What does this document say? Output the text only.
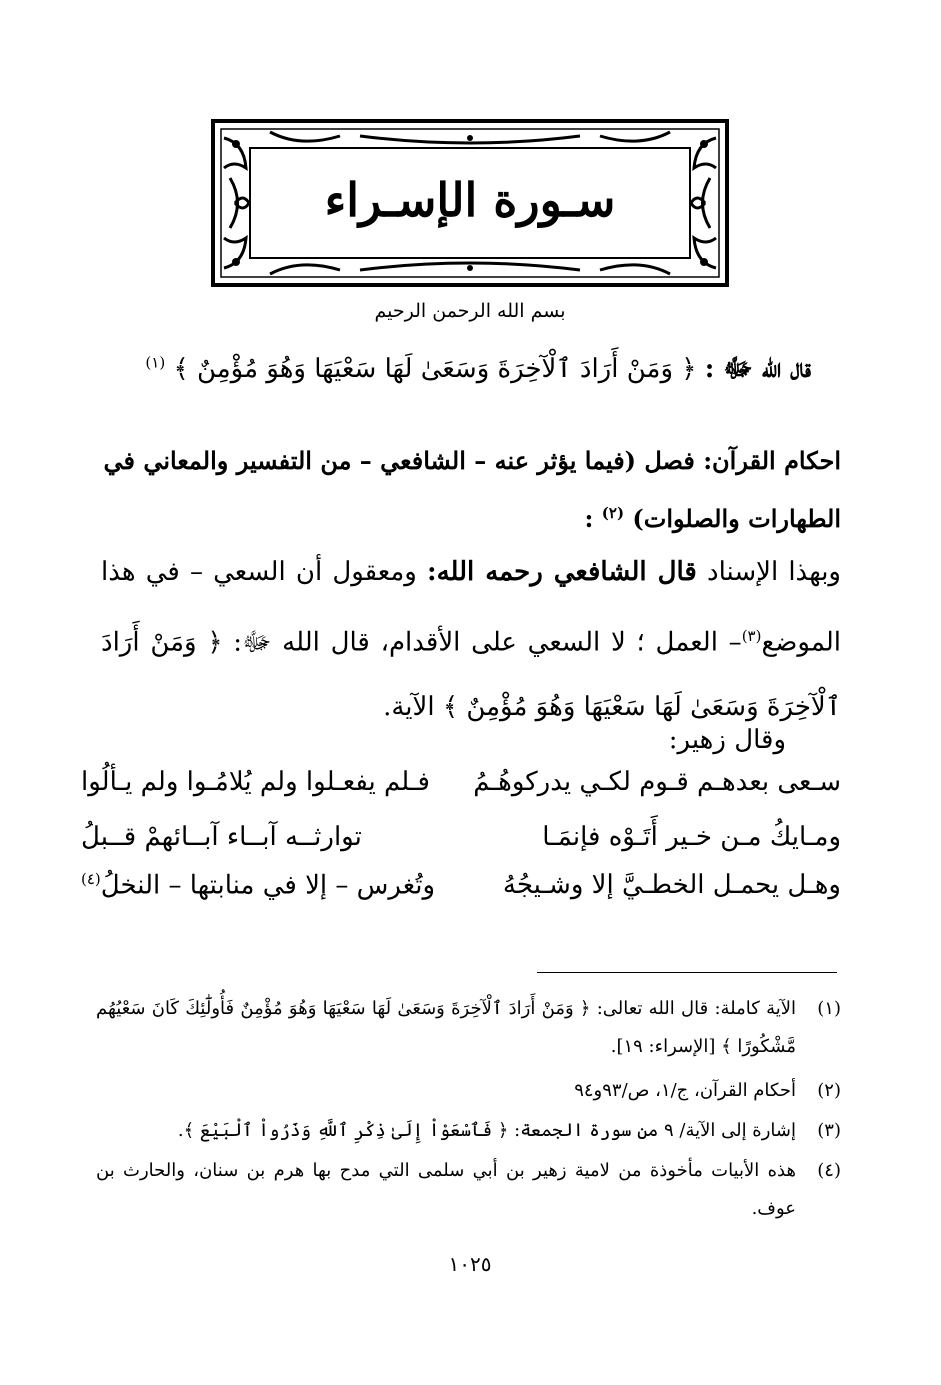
سـورة الإسـراء
بسم الله الرحمن الرحيم
قال الله ﷻ : ﴿ وَمَنْ أَرَادَ ٱلْآخِرَةَ وَسَعَىٰ لَهَا سَعْيَهَا وَهُوَ مُؤْمِنٌ ﴾ $^{(١)}$
احكام القرآن: فصل (فيما يؤثر عنه – الشافعي – من التفسير والمعاني في الطهارات والصلوات) $^{(٢)}$ :
وبهذا الإسناد قال الشافعي رحمه الله: ومعقول أن السعي – في هذا الموضع$^{(٣)}$– العمل ؛ لا السعي على الأقدام، قال الله ﷻ: ﴿ وَمَنْ أَرَادَ ٱلْآخِرَةَ وَسَعَىٰ لَهَا سَعْيَهَا وَهُوَ مُؤْمِنٌ ﴾ الآية.
وقال زهير:
سـعى بعدهـم قـوم لكـي يدركوهُـمُ
فـلم يفعـلوا ولم يُلامُـوا ولم يـألُوا
ومـايكُ مـن خـير أَتَـوْه فإنمَـا
توارثــه آبــاء آبــائهمْ قــبلُ
وهـل يحمـل الخطـيَّ إلا وشـيجُهُ
وتُغرس – إلا في منابتها – النخلُ$^{(٤)}$
(١)
الآية كاملة: قال الله تعالى: ﴿ وَمَنْ أَرَادَ ٱلْآخِرَةَ وَسَعَىٰ لَهَا سَعْيَهَا وَهُوَ مُؤْمِنٌ فَأُولَٰٓئِكَ كَانَ سَعْيُهُم مَّشْكُورًا ﴾ [الإسراء: ١٩].
(٢)
أحكام القرآن، ج/١، ص/٩٣و٩٤
(٣)
إشارة إلى الآية/ ٩ من سورة الجمعة: ﴿ فَٱسْعَوْاْ إِلَىٰ ذِكْرِ ٱللَّهِ وَذَرُواْ ٱلْبَيْعَ ﴾.
(٤)
هذه الأبيات مأخوذة من لامية زهير بن أبي سلمى التي مدح بها هرم بن سنان، والحارث بن عوف.
١٠٢٥
